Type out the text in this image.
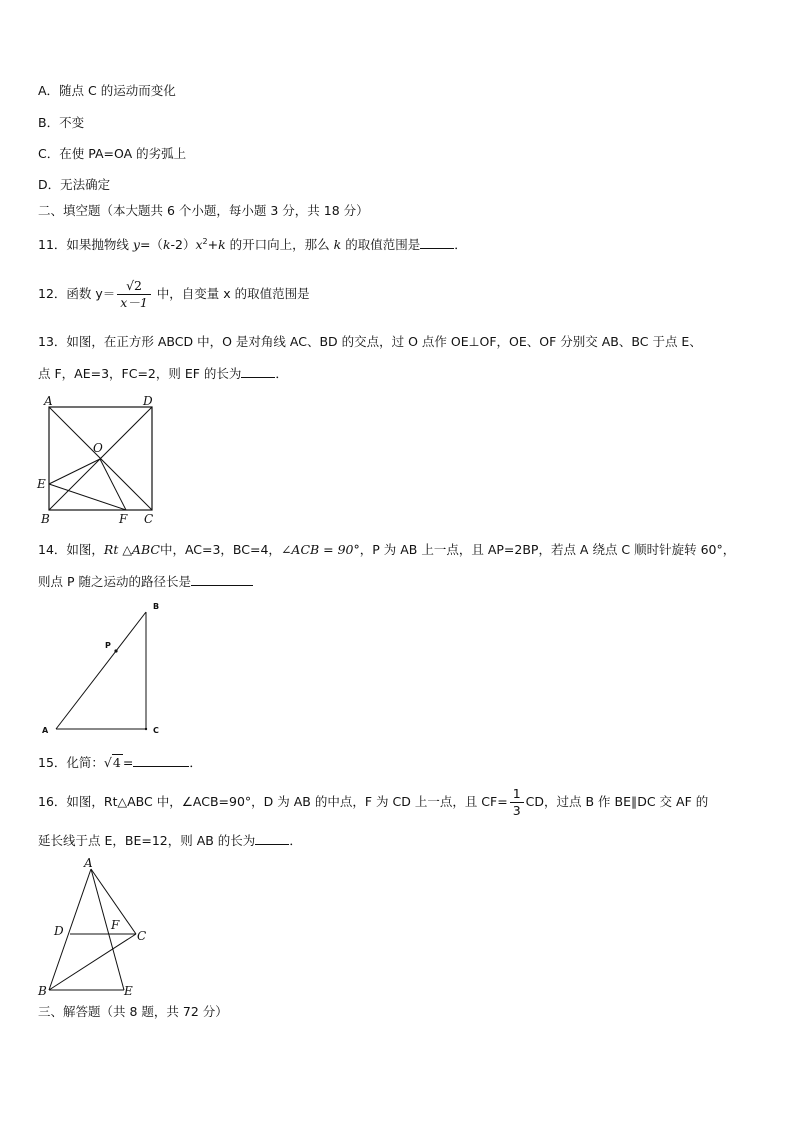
A．随点 C 的运动而变化
B．不变
C．在使 PA=OA 的劣弧上
D．无法确定
二、填空题（本大题共 6 个小题，每小题 3 分，共 18 分）
11．如果抛物线 $y=(k-2)x^2+k$ 的开口向上，那么 k 的取值范围是	．
12．函数 $y= \frac{√2}{x-1}$ 中，自变量 x 的取值范围是
13．如图，在正方形 ABCD 中，O 是对角线 AC、BD 的交点，过 O 点作 OE⊥OF，OE、OF 分别交 AB、BC 于点 E、
点 F，AE=3，FC=2，则 EF 的长为	．
A	D
O
E
B	F C
14．如图，Rt △ABC中，AC=3，BC=4，∠ACB = 90°，P 为 AB 上一点，且 AP=2BP，若点 A 绕点 C 顺时针旋转 60°，
则点 P 随之运动的路径长是
B
P
A	C
15．化简：√4 =	．
16．如图，Rt△ABC 中，∠ACB=90°，D 为 AB 的中点，F 为 CD 上一点，且 $CF= \frac{1}{3}$ CD，过点 B 作 BE∥DC 交 AF 的
延长线于点 E，BE=12，则 AB 的长为	．
A
D	F
C
B	E
三、解答题（共 8 题，共 72 分）
